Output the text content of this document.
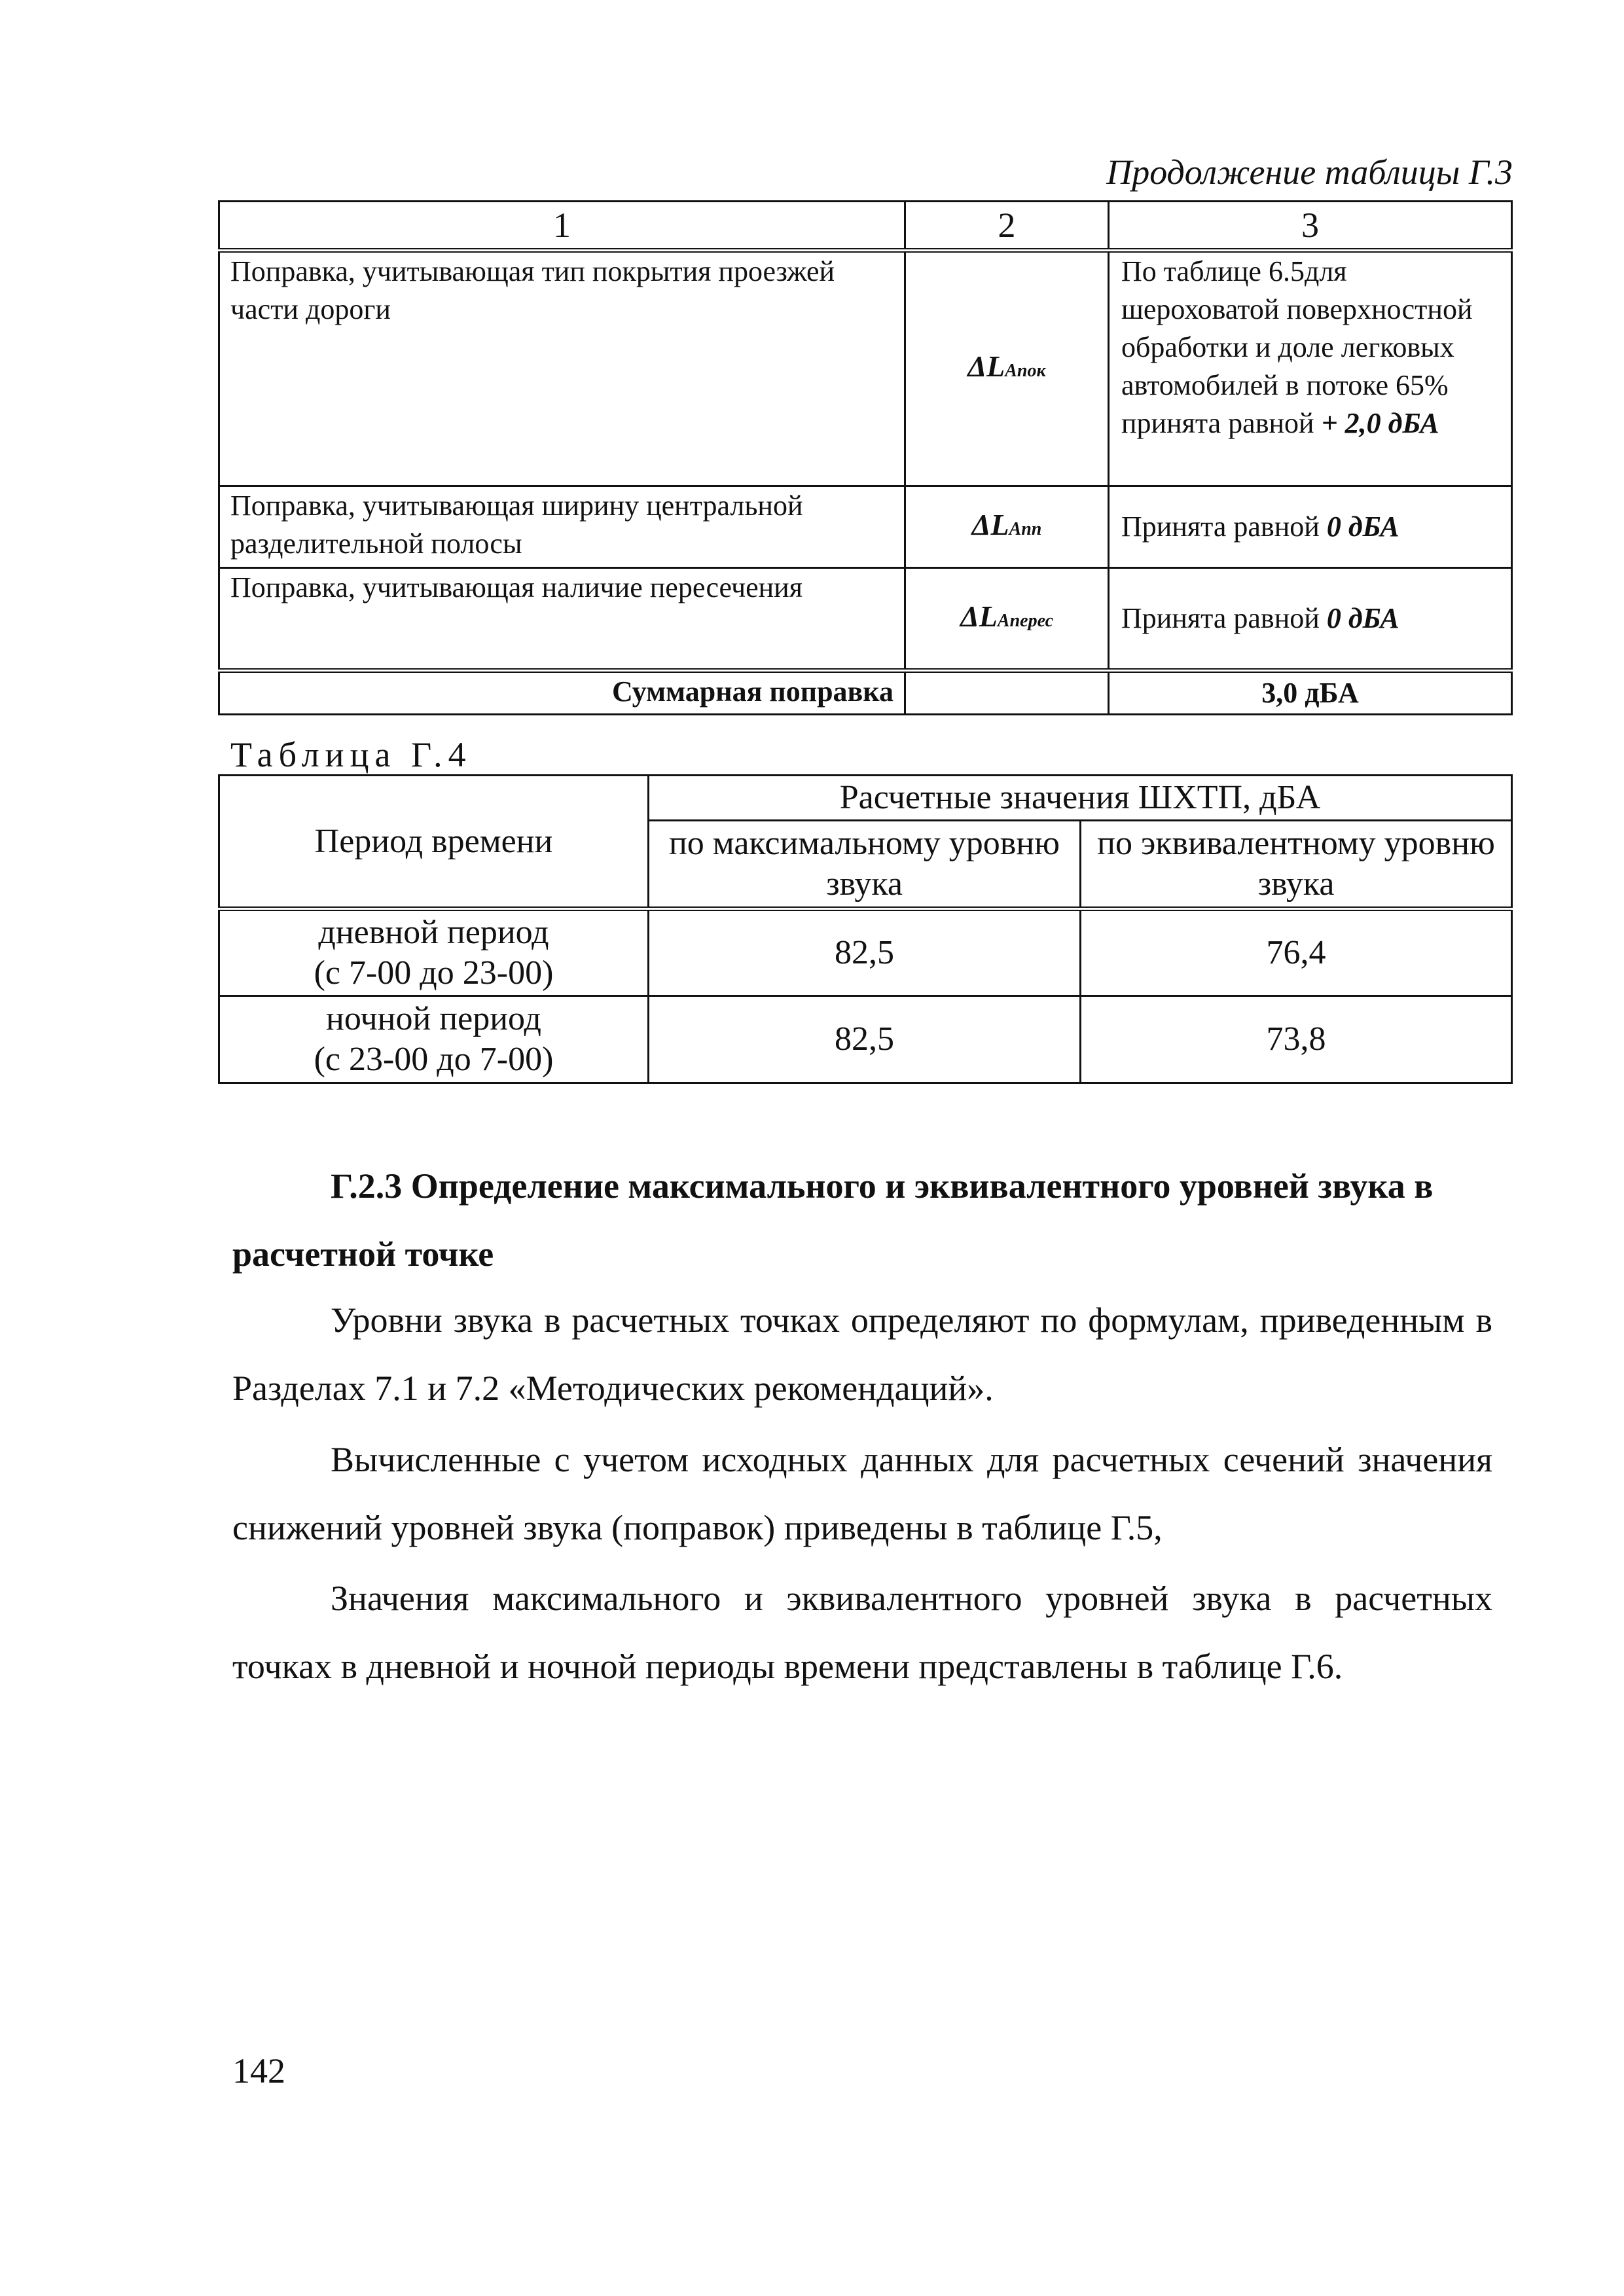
Продолжение таблицы Г.3
1	2	3
Поправка, учитывающая тип покрытия проезжей части дороги	ΔLАпок	По таблице 6.5для шероховатой поверхностной обработки и доле легковых автомобилей в потоке 65% принята равной + 2,0 дБА
Поправка, учитывающая ширину центральной разделительной полосы	ΔLАпп	Принята равной 0 дБА
Поправка, учитывающая наличие пересечения	ΔLАперес	Принята равной 0 дБА
Суммарная поправка		3,0 дБА
Таблица Г.4
Период времени	Расчетные значения ШХТП, дБА	
	по максимальному уровню звука	по эквивалентному уровню звука

дневной период
(с 7-00 до 23-00)	82,5	76,4

ночной период
(с 23-00 до 7-00)	82,5	73,8
Г.2.3 Определение максимального и эквивалентного уровней звука в расчетной точке
Уровни звука в расчетных точках определяют по формулам, приведенным в Разделах 7.1 и 7.2 «Методических рекомендаций».
Вычисленные с учетом исходных данных для расчетных сечений значения снижений уровней звука (поправок) приведены в таблице Г.5,
Значения максимального и эквивалентного уровней звука в расчетных точках в дневной и ночной периоды времени представлены в таблице Г.6.
142
